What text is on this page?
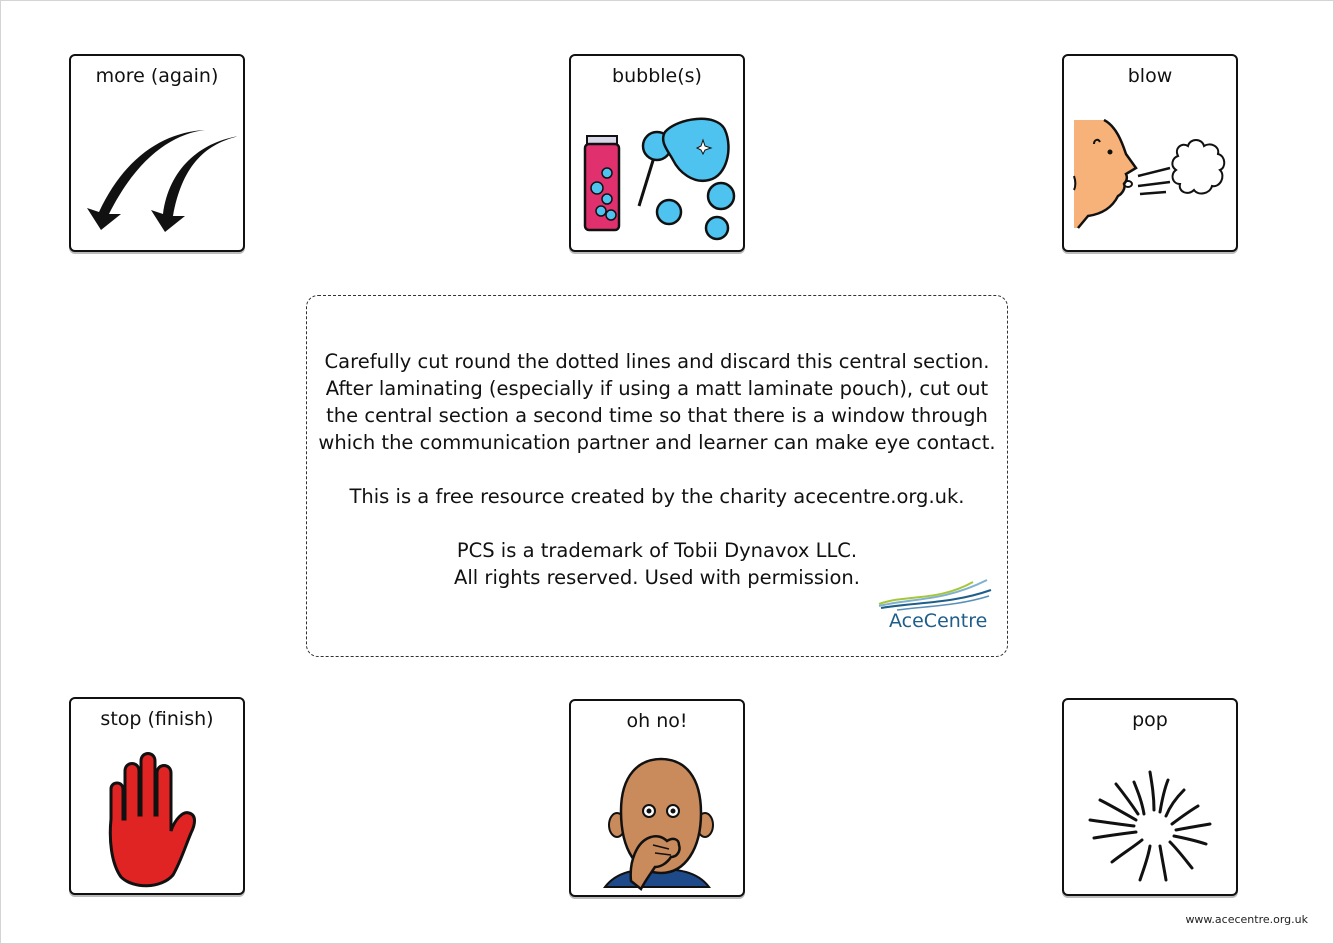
more (again)	bubble(s)	blow

Carefully cut round the dotted lines and discard this central section.

After laminating (especially if using a matt laminate pouch), cut out

the central section a second time so that there is a window through

which the communication partner and learner can make eye contact.

This is a free resource created by the charity acecentre.org.uk.

PCS is a trademark of Tobii Dynavox LLC.

All rights reserved. Used with permission.

AceCentre
stop (finish)	oh no!	pop
www.acecentre.org.uk
